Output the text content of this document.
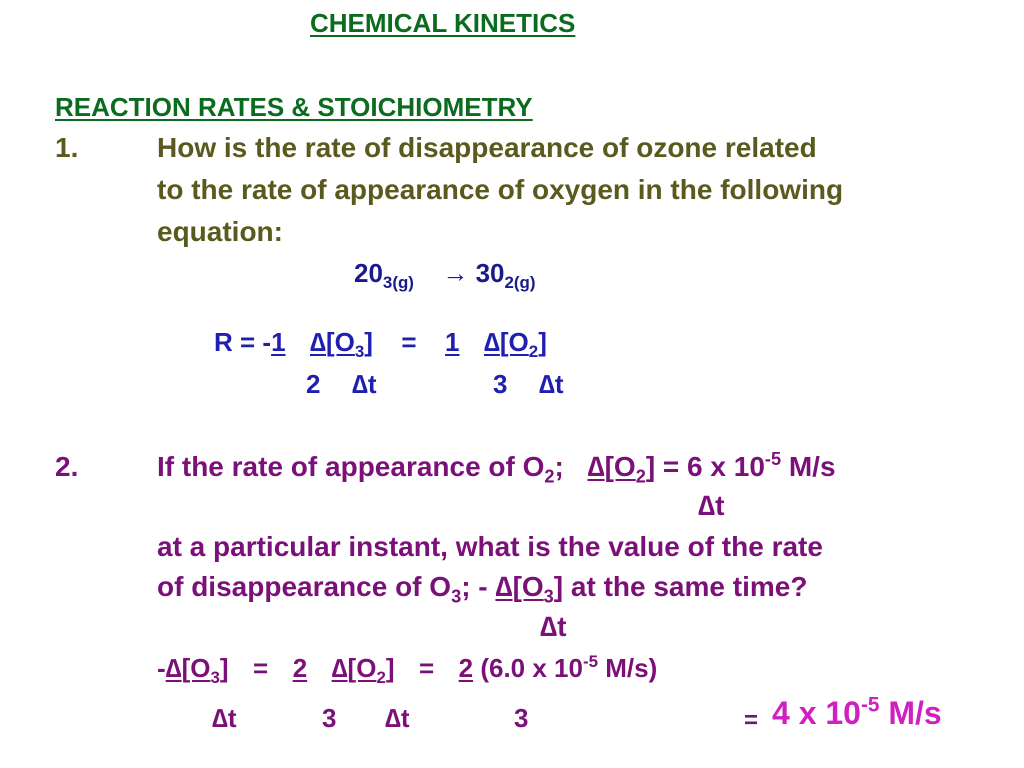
CHEMICAL KINETICS
REACTION RATES & STOICHIOMETRY
1.	How is the rate of disappearance of ozone related
to the rate of appearance of oxygen in the following
equation:
$20_{3(g)} \to 30_{2(g)}$
R = -1 $\Delta[O_3] = 1$ $\Delta[O_2]$
2 ∆t	3 ∆t
2.	If the rate of appearance of $O_2$; $\Delta[O_2] = 6$ x $10^{-5}$ M/s
∆t
at a particular instant, what is the value of the rate
of disappearance of $O_3$; - $\Delta[O_3]$ at the same time?
∆t
$-\Delta[O_3] = 2$ $\Delta[O_2] = 2$ (6.0 x $10^{-5}$ M/s)
∆t	3 ∆t	3	= 4 x $10^{-5}$ M/s
